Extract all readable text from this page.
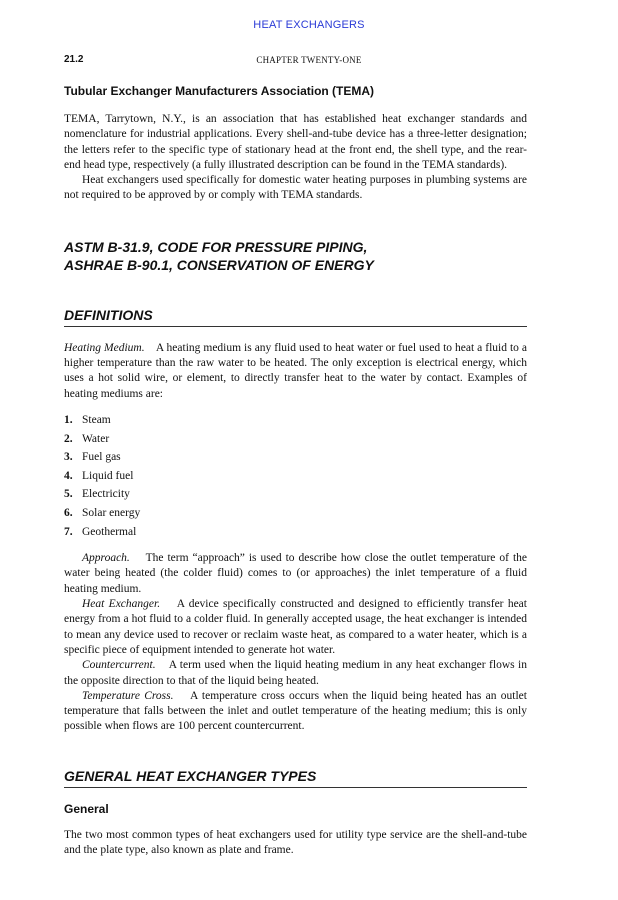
HEAT EXCHANGERS
21.2	CHAPTER TWENTY-ONE
Tubular Exchanger Manufacturers Association (TEMA)

TEMA, Tarrytown, N.Y., is an association that has established heat exchanger standards and nomenclature for industrial applications. Every shell-and-tube device has a three-letter designation; the letters refer to the specific type of stationary head at the front end, the shell type, and the rear-end head type, respectively (a fully illustrated description can be found in the TEMA standards).

Heat exchangers used specifically for domestic water heating purposes in plumbing systems are not required to be approved by or comply with TEMA standards.

ASTM B-31.9, CODE FOR PRESSURE PIPING,
ASHRAE B-90.1, CONSERVATION OF ENERGY
DEFINITIONS

Heating Medium. A heating medium is any fluid used to heat water or fuel used to heat a fluid to a higher temperature than the raw water to be heated. The only exception is electrical energy, which uses a hot solid wire, or element, to directly transfer heat to the water by contact. Examples of heating mediums are:

1. Steam
2. Water
3. Fuel gas
4. Liquid fuel
5. Electricity
6. Solar energy
7. Geothermal

Approach. The term “approach” is used to describe how close the outlet temperature of the water being heated (the colder fluid) comes to (or approaches) the inlet temperature of a fluid heating medium.

Heat Exchanger. A device specifically constructed and designed to efficiently transfer heat energy from a hot fluid to a colder fluid. In generally accepted usage, the heat exchanger is intended to mean any device used to recover or reclaim waste heat, as compared to a water heater, which is a specific piece of equipment intended to generate hot water.

Countercurrent. A term used when the liquid heating medium in any heat exchanger flows in the opposite direction to that of the liquid being heated.

Temperature Cross. A temperature cross occurs when the liquid being heated has an outlet temperature that falls between the inlet and outlet temperature of the heating medium; this is only possible when flows are 100 percent countercurrent.

GENERAL HEAT EXCHANGER TYPES
General

The two most common types of heat exchangers used for utility type service are the shell-and-tube and the plate type, also known as plate and frame.
